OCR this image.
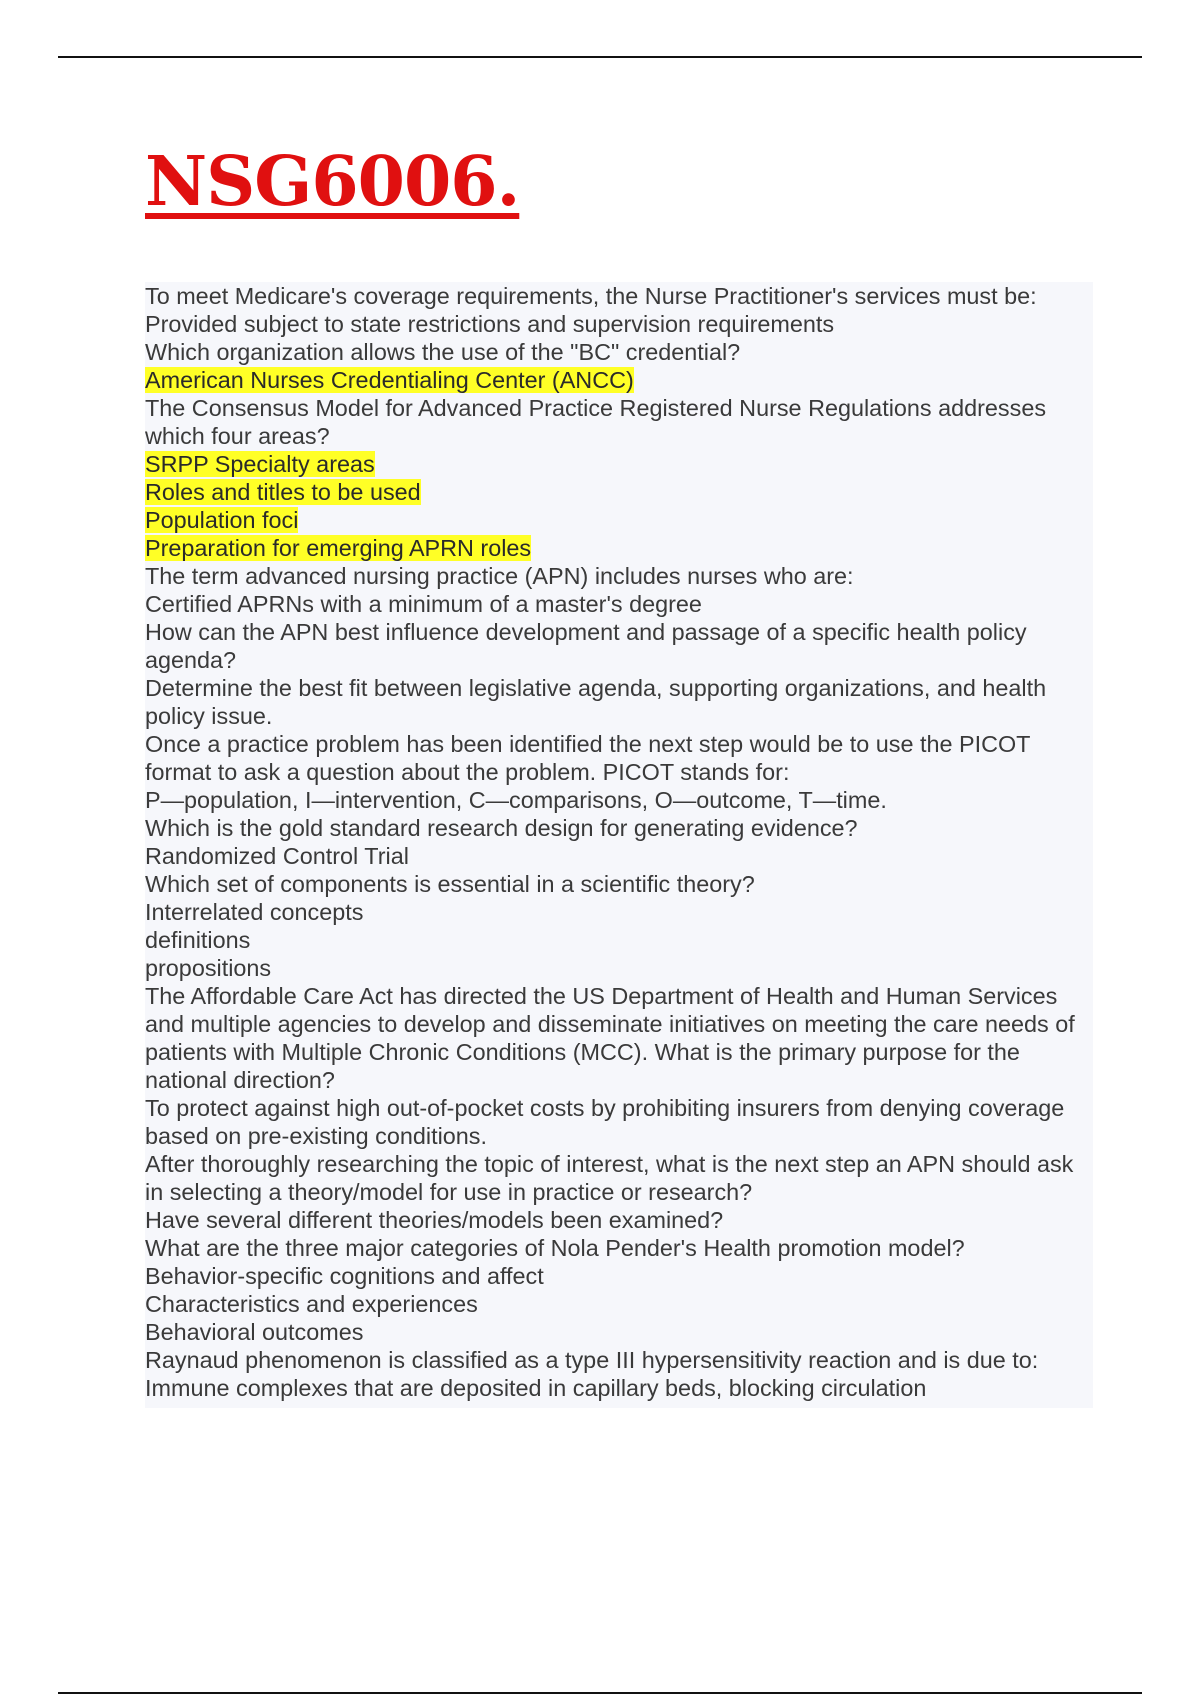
NSG6006.

To meet Medicare's coverage requirements, the Nurse Practitioner's services must be:

Provided subject to state restrictions and supervision requirements

Which organization allows the use of the "BC" credential?

American Nurses Credentialing Center (ANCC)

The Consensus Model for Advanced Practice Registered Nurse Regulations addresses which four areas?

SRPP Specialty areas

Roles and titles to be used

Population foci

Preparation for emerging APRN roles

The term advanced nursing practice (APN) includes nurses who are:

Certified APRNs with a minimum of a master's degree

How can the APN best influence development and passage of a specific health policy agenda?

Determine the best fit between legislative agenda, supporting organizations, and health policy issue.

Once a practice problem has been identified the next step would be to use the PICOT format to ask a question about the problem. PICOT stands for:

P—population, I—intervention, C—comparisons, O—outcome, T—time.

Which is the gold standard research design for generating evidence?

Randomized Control Trial

Which set of components is essential in a scientific theory?

Interrelated concepts

definitions

propositions

The Affordable Care Act has directed the US Department of Health and Human Services and multiple agencies to develop and disseminate initiatives on meeting the care needs of patients with Multiple Chronic Conditions (MCC). What is the primary purpose for the national direction?

To protect against high out-of-pocket costs by prohibiting insurers from denying coverage based on pre-existing conditions.

After thoroughly researching the topic of interest, what is the next step an APN should ask in selecting a theory/model for use in practice or research?

Have several different theories/models been examined?

What are the three major categories of Nola Pender's Health promotion model?

Behavior-specific cognitions and affect

Characteristics and experiences

Behavioral outcomes

Raynaud phenomenon is classified as a type III hypersensitivity reaction and is due to:

Immune complexes that are deposited in capillary beds, blocking circulation
